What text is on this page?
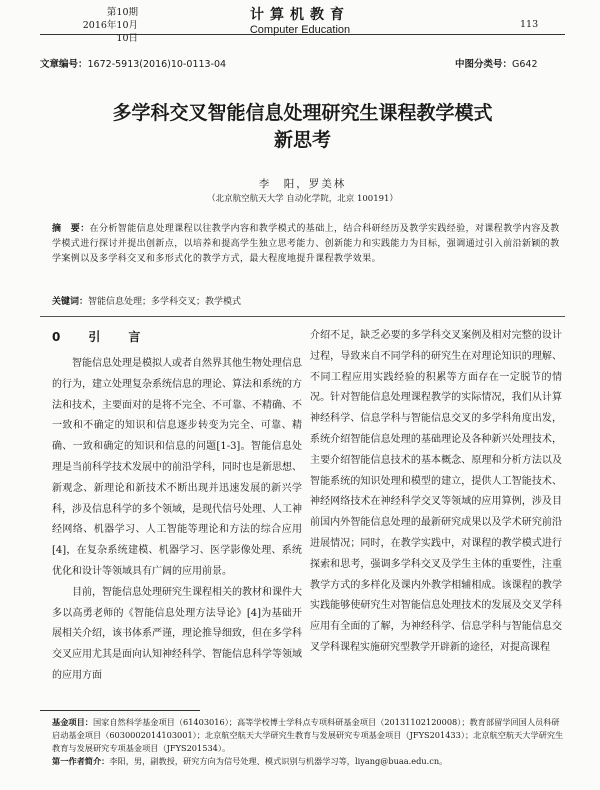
第10期
2016年10月10日
计算机教育
Computer Education	113
文章编号：1672-5913(2016)10-0113-04	中图分类号：G642
多学科交叉智能信息处理研究生课程教学模式
新思考
李　阳，罗美林
（北京航空航天大学 自动化学院，北京 100191）
摘　要：在分析智能信息处理课程以往教学内容和教学模式的基础上，结合科研经历及教学实践经验，对课程教学内容及教学模式进行探讨并提出创新点，以培养和提高学生独立思考能力、创新能力和实践能力为目标，强调通过引入前沿新颖的教学案例以及多学科交叉和多形式化的教学方式，最大程度地提升课程教学效果。
关键词：智能信息处理；多学科交叉；教学模式
0　引　言

智能信息处理是模拟人或者自然界其他生物处理信息的行为，建立处理复杂系统信息的理论、算法和系统的方法和技术，主要面对的是将不完全、不可靠、不精确、不一致和不确定的知识和信息逐步转变为完全、可靠、精确、一致和确定的知识和信息的问题[1-3]。智能信息处理是当前科学技术发展中的前沿学科，同时也是新思想、新观念、新理论和新技术不断出现并迅速发展的新兴学科，涉及信息科学的多个领域，是现代信号处理、人工神经网络、机器学习、人工智能等理论和方法的综合应用[4]，在复杂系统建模、机器学习、医学影像处理、系统优化和设计等领域具有广阔的应用前景。

目前，智能信息处理研究生课程相关的教材和课件大多以高勇老师的《智能信息处理方法导论》[4]为基础开展相关介绍，该书体系严谨，理论推导细致，但在多学科交叉应用尤其是面向认知神经科学、智能信息科学等领域的应用方面

介绍不足，缺乏必要的多学科交叉案例及相对完整的设计过程，导致来自不同学科的研究生在对理论知识的理解、不同工程应用实践经验的积累等方面存在一定脱节的情况。针对智能信息处理课程教学的实际情况，我们从计算神经科学、信息学科与智能信息交叉的多学科角度出发，系统介绍智能信息处理的基础理论及各种新兴处理技术，主要介绍智能信息技术的基本概念、原理和分析方法以及智能系统的知识处理和模型的建立，提供人工智能技术、神经网络技术在神经科学交叉等领域的应用算例，涉及目前国内外智能信息处理的最新研究成果以及学术研究前沿进展情况；同时，在教学实践中，对课程的教学模式进行探索和思考，强调多学科交叉及学生主体的重要性，注重教学方式的多样化及课内外教学相辅相成。该课程的教学实践能够使研究生对智能信息处理技术的发展及交叉学科应用有全面的了解，为神经科学、信息学科与智能信息交叉学科课程实施研究型教学开辟新的途径，对提高课程

基金项目：国家自然科学基金项目（61403016）；高等学校博士学科点专项科研基金项目（20131102120008）；教育部留学回国人员科研启动基金项目（6030002014103001）；北京航空航天大学研究生教育与发展研究专项基金项目（JFYS201433）；北京航空航天大学研究生教育与发展研究专项基金项目（JFYS201534）。

第一作者简介：李阳，男，副教授，研究方向为信号处理、模式识别与机器学习等，liyang@buaa.edu.cn。
